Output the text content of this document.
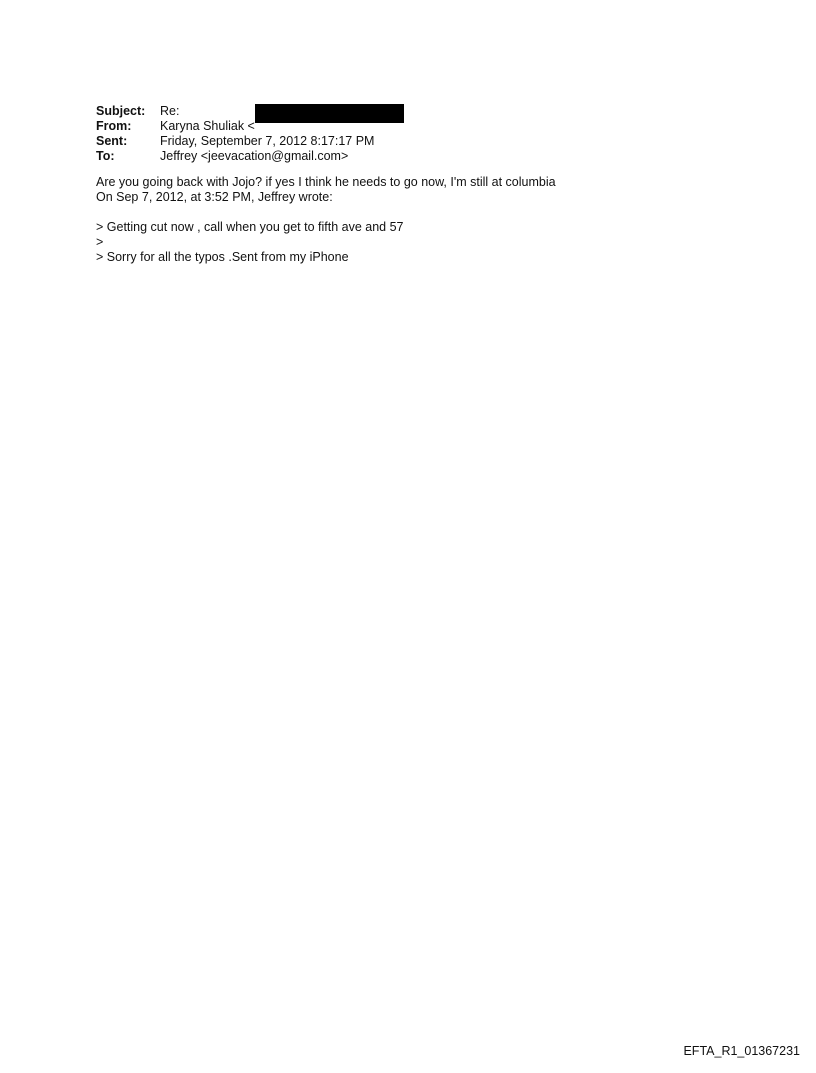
Subject:	Re:
From:	Karyna Shuliak <
Sent:	Friday, September 7, 2012 8:17:17 PM
To:	Jeffrey <jeevacation@gmail.com>
Are you going back with Jojo? if yes I think he needs to go now, I'm still at columbia
On Sep 7, 2012, at 3:52 PM, Jeffrey wrote:
> Getting cut now , call when you get to fifth ave and 57
>
> Sorry for all the typos .Sent from my iPhone
EFTA_R1_01367231
